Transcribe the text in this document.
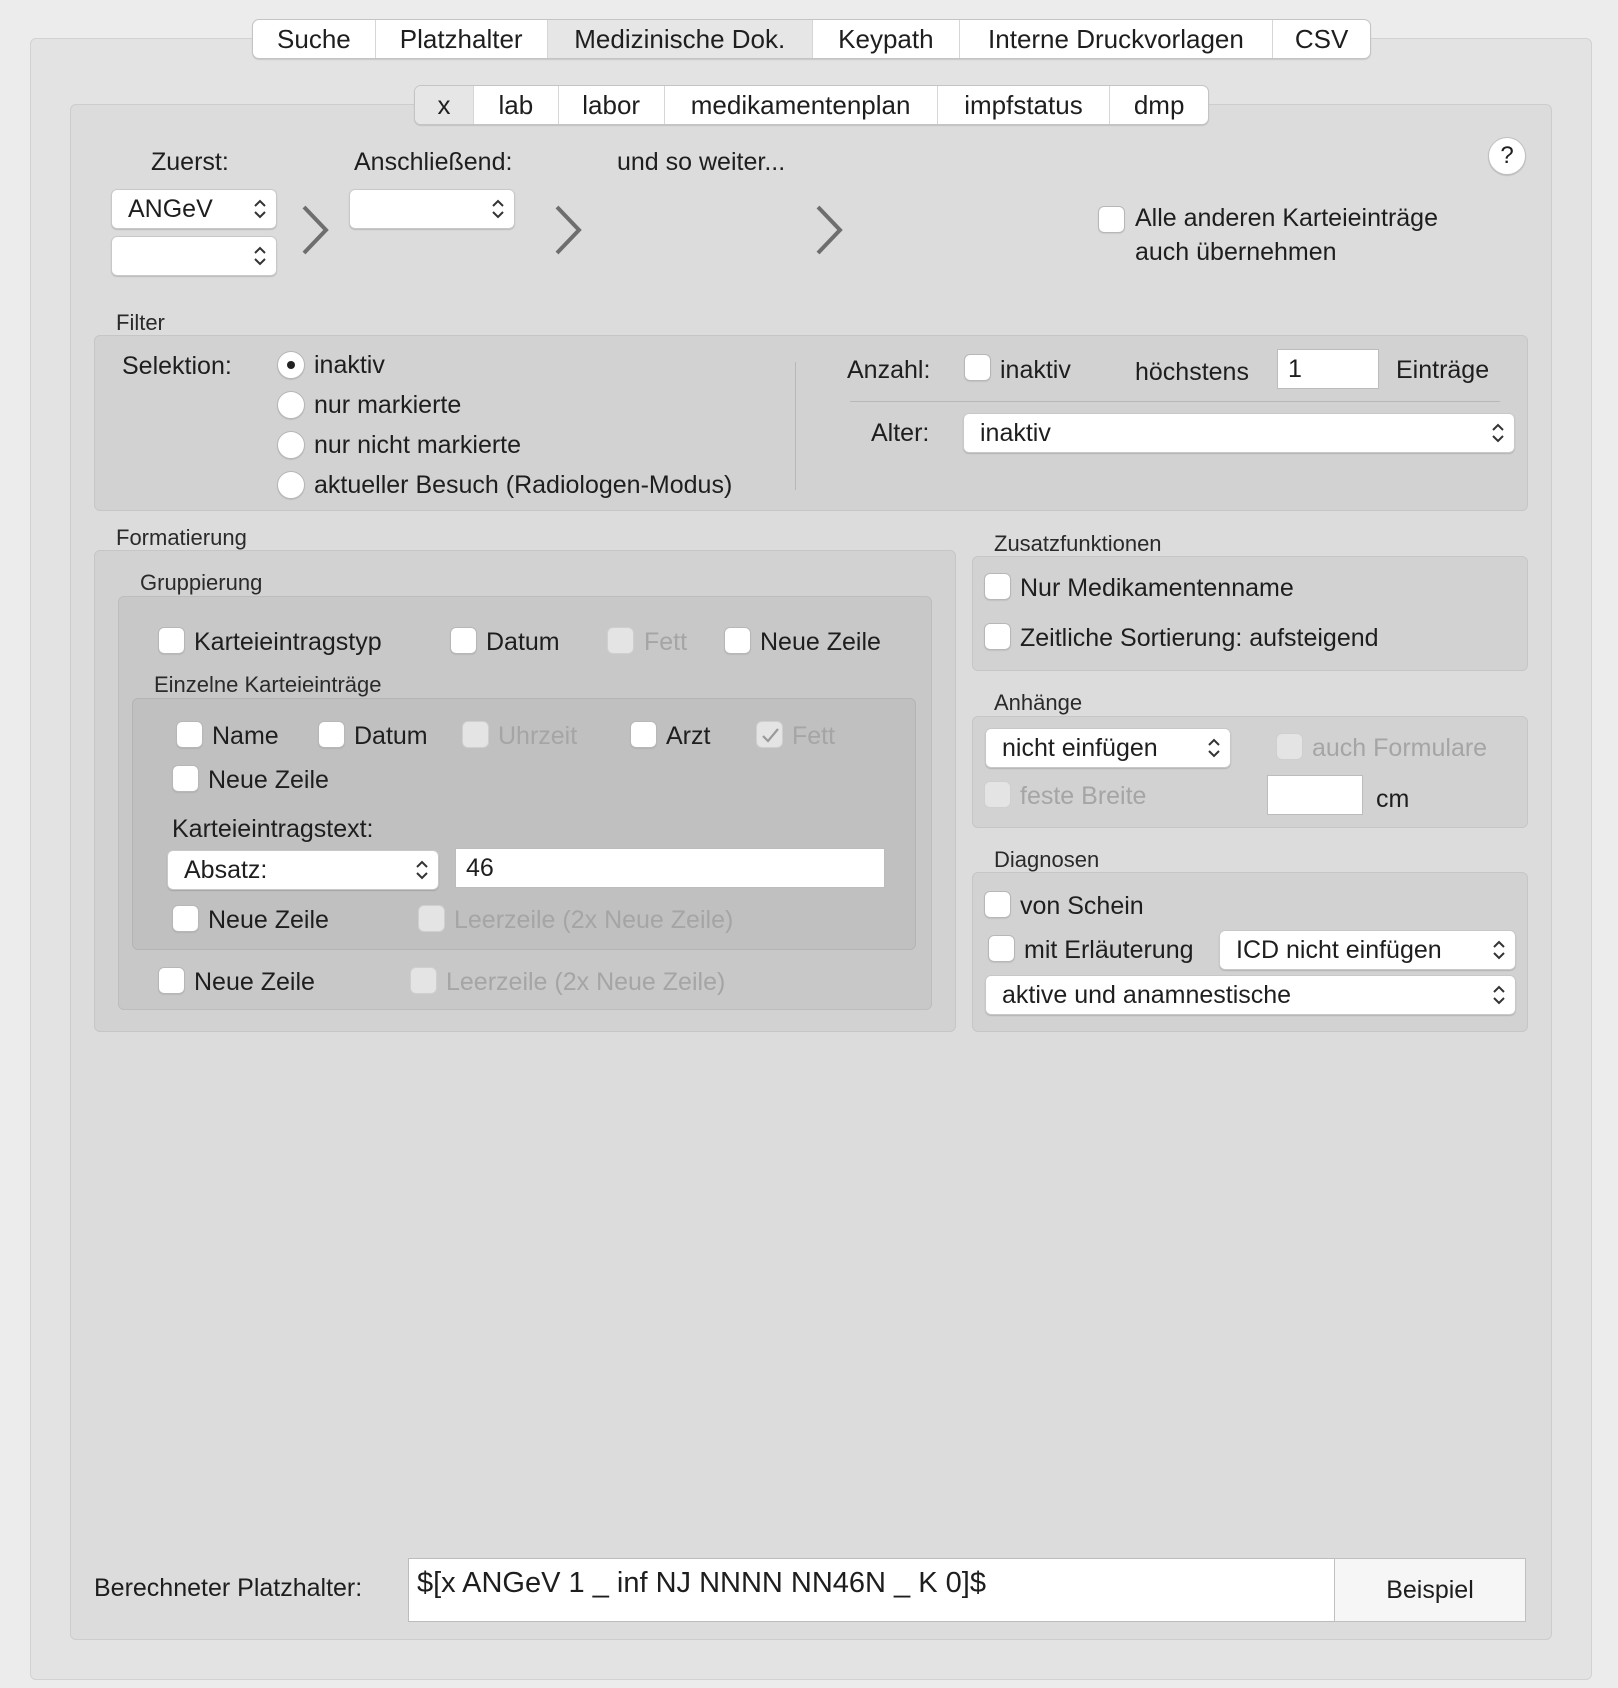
Suche	Platzhalter	Medizinische Dok.	Keypath	Interne Druckvorlagen	CSV
x	lab	labor	medikamentenplan	impfstatus	dmp
Zuerst:
ANGeV
Anschließend:	und so weiter...	?
Alle anderen Karteieinträge
auch übernehmen
Filter
Selektion:	inaktiv
nur markierte
nur nicht markierte
aktueller Besuch (Radiologen-Modus)
Anzahl:	inaktiv	höchstens	1	Einträge
Alter: inaktiv
Formatierung
Gruppierung
Karteieintragstyp	Datum	Fett	Neue Zeile
Einzelne Karteieinträge
Name	Datum	Uhrzeit	Arzt	Fett
Neue Zeile
Karteieintragstext:
Absatz:	46
Neue Zeile	Leerzeile (2x Neue Zeile)
Neue Zeile	Leerzeile (2x Neue Zeile)
Zusatzfunktionen
Nur Medikamentenname
Zeitliche Sortierung: aufsteigend
Anhänge
nicht einfügen	auch Formulare
feste Breite	cm
Diagnosen
von Schein
mit Erläuterung ICD nicht einfügen
aktive und anamnestische
Berechneter Platzhalter:	$[x ANGeV 1 _ inf NJ NNNN NN46N _ K 0]$	Beispiel
